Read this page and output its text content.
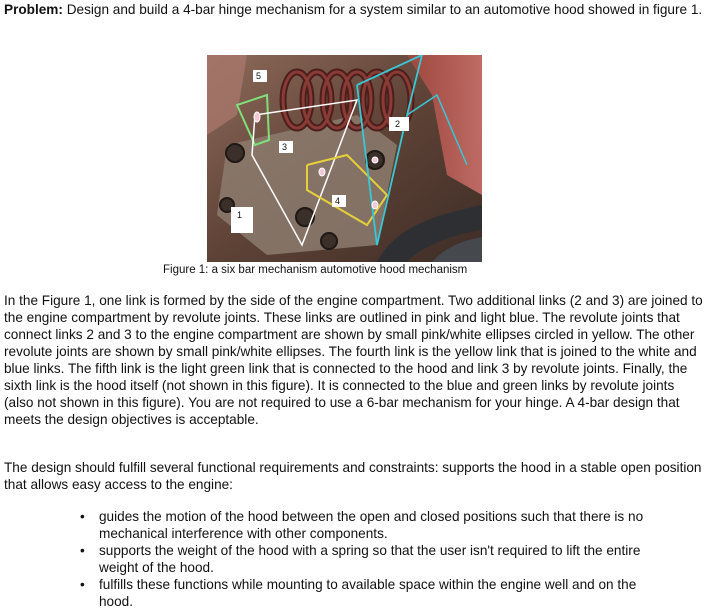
Problem: Design and build a 4-bar hinge mechanism for a system similar to an automotive hood showed in figure 1.

5
2
3
4
1
Figure 1: a six bar mechanism automotive hood mechanism

In the Figure 1, one link is formed by the side of the engine compartment. Two additional links (2 and 3) are joined to the engine compartment by revolute joints. These links are outlined in pink and light blue. The revolute joints that connect links 2 and 3 to the engine compartment are shown by small pink/white ellipses circled in yellow. The other revolute joints are shown by small pink/white ellipses. The fourth link is the yellow link that is joined to the white and blue links. The fifth link is the light green link that is connected to the hood and link 3 by revolute joints. Finally, the sixth link is the hood itself (not shown in this figure). It is connected to the blue and green links by revolute joints (also not shown in this figure). You are not required to use a 6-bar mechanism for your hinge. A 4-bar design that meets the design objectives is acceptable.

The design should fulfill several functional requirements and constraints: supports the hood in a stable open position that allows easy access to the engine:

• guides the motion of the hood between the open and closed positions such that there is no mechanical interference with other components.
• supports the weight of the hood with a spring so that the user isn't required to lift the entire weight of the hood.
• fulfills these functions while mounting to available space within the engine well and on the hood.
